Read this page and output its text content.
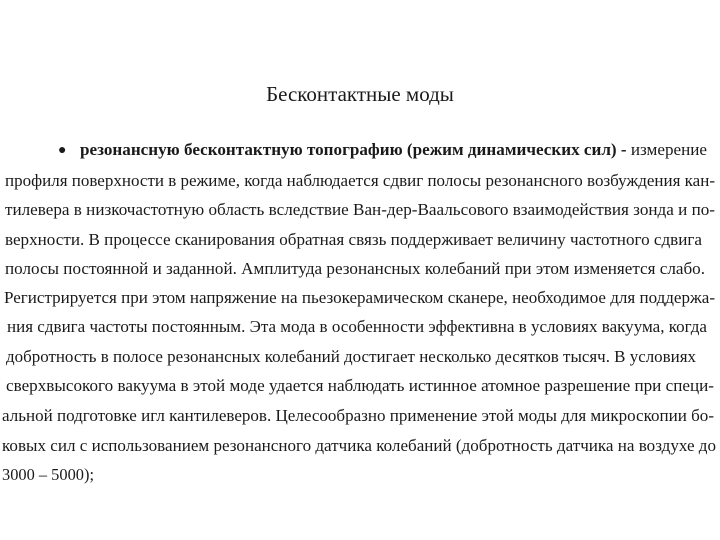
Бесконтактные моды
● резонансную бесконтактную топографию (режим динамических сил) - измерение
профиля поверхности в режиме, когда наблюдается сдвиг полосы резонансного возбуждения кан-
тилевера в низкочастотную область вследствие Ван-дер-Ваальсового взаимодействия зонда и по-
верхности. В процессе сканирования обратная связь поддерживает величину частотного сдвига
полосы постоянной и заданной. Амплитуда резонансных колебаний при этом изменяется слабо.
Регистрируется при этом напряжение на пьезокерамическом сканере, необходимое для поддержа-
ния сдвига частоты постоянным. Эта мода в особенности эффективна в условиях вакуума, когда
добротность в полосе резонансных колебаний достигает несколько десятков тысяч. В условиях
сверхвысокого вакуума в этой моде удается наблюдать истинное атомное разрешение при специ-
альной подготовке игл кантилеверов. Целесообразно применение этой моды для микроскопии бо-
ковых сил с использованием резонансного датчика колебаний (добротность датчика на воздухе до
3000 – 5000);
